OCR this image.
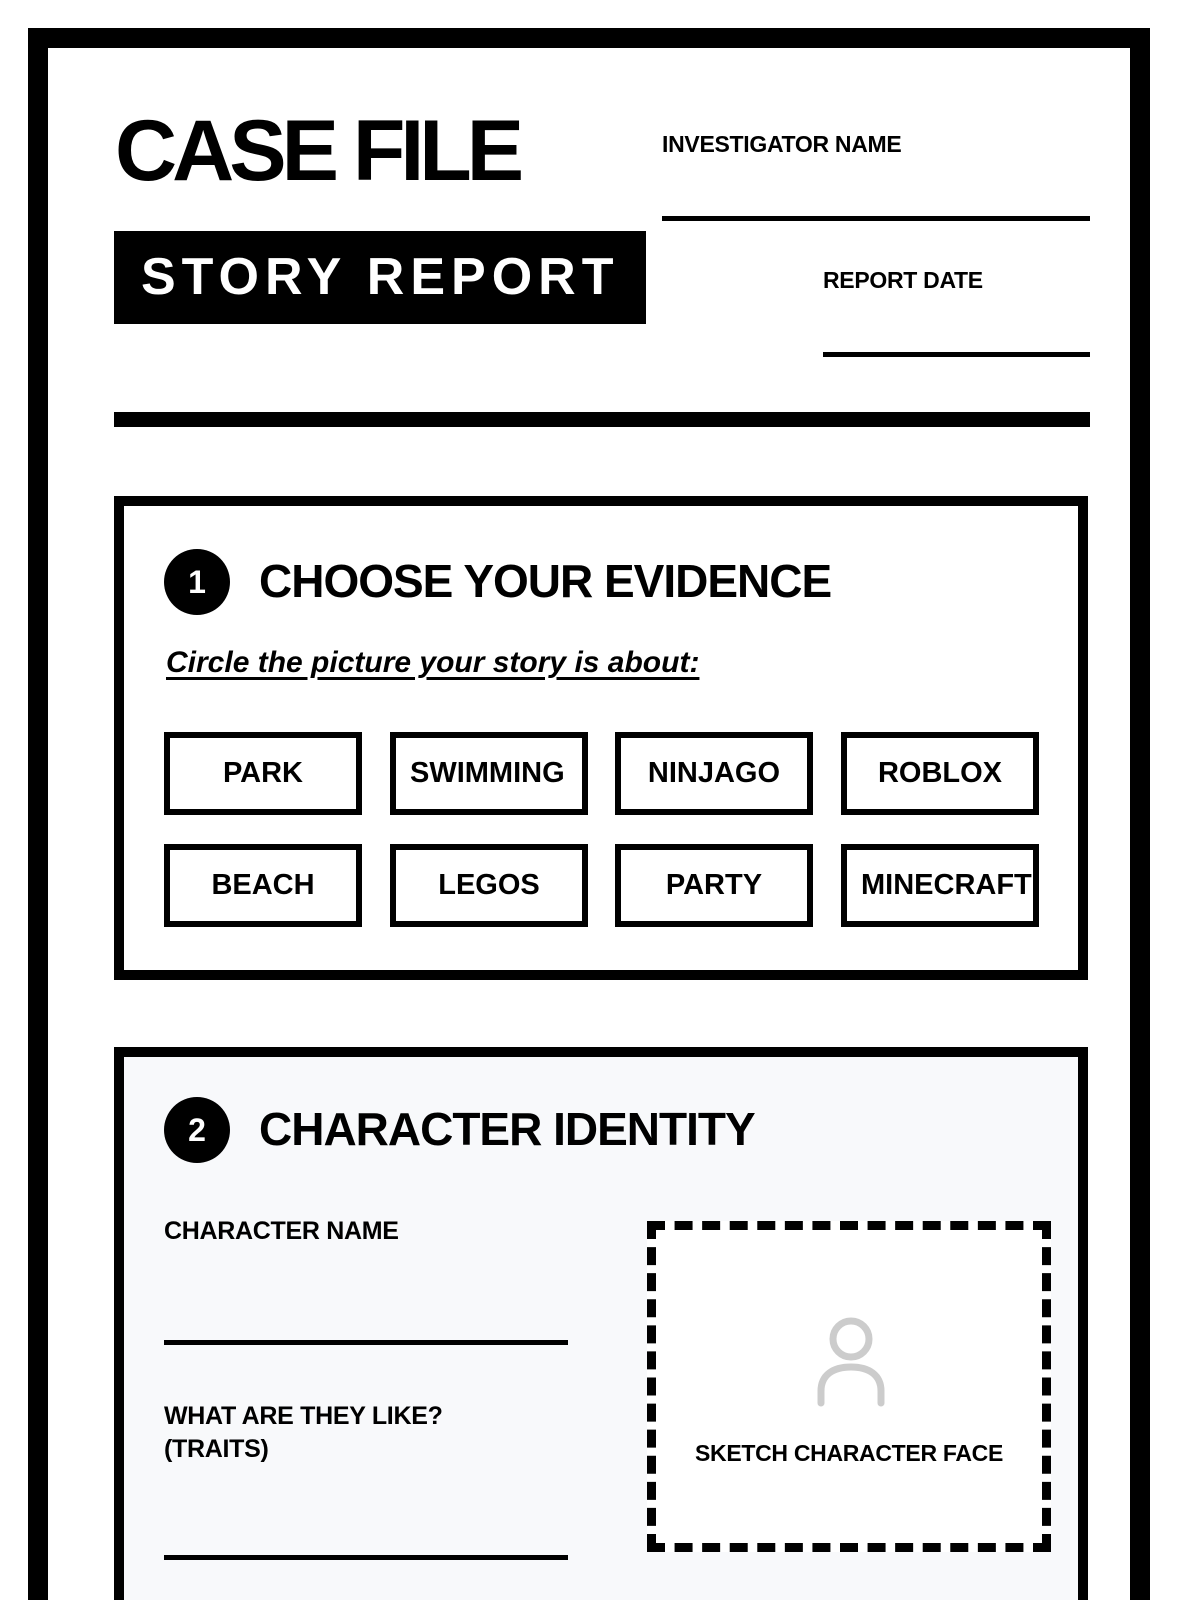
CASE FILE
STORY REPORT
INVESTIGATOR NAME
REPORT DATE
1	CHOOSE YOUR EVIDENCE
Circle the picture your story is about:
PARK	SWIMMING	NINJAGO	ROBLOX
BEACH	LEGOS	PARTY	MINECRAFT
2	CHARACTER IDENTITY
CHARACTER NAME
WHAT ARE THEY LIKE?
(TRAITS)	SKETCH CHARACTER FACE
